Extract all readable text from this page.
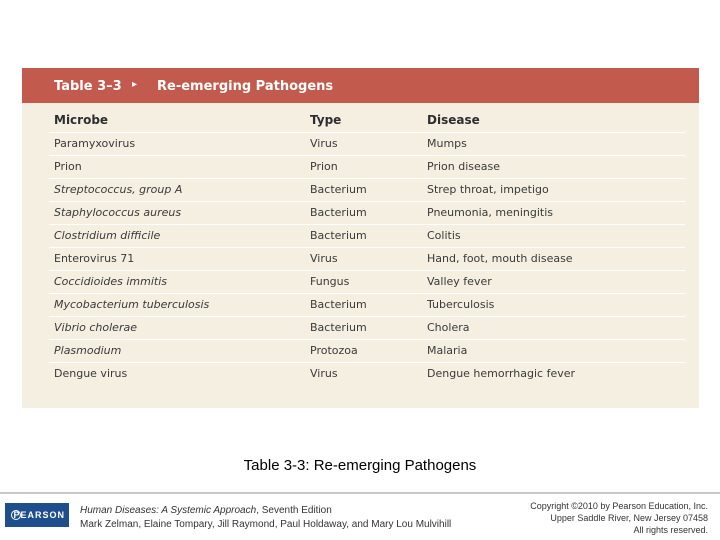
Table 3–3 ▸ Re-emerging Pathogens
Microbe	Type	Disease
Paramyxovirus	Virus	Mumps
Prion	Prion	Prion disease
Streptococcus, group A	Bacterium	Strep throat, impetigo
Staphylococcus aureus	Bacterium	Pneumonia, meningitis
Clostridium difficile	Bacterium	Colitis
Enterovirus 71	Virus	Hand, foot, mouth disease
Coccidioides immitis	Fungus	Valley fever
Mycobacterium tuberculosis	Bacterium	Tuberculosis
Vibrio cholerae	Bacterium	Cholera
Plasmodium	Protozoa	Malaria
Dengue virus	Virus	Dengue hemorrhagic fever
Table 3-3: Re-emerging Pathogens
PEARSON	Human Diseases: A Systemic Approach, Seventh Edition
Mark Zelman, Elaine Tompary, Jill Raymond, Paul Holdaway, and Mary Lou Mulvihill
Copyright ©2010 by Pearson Education, Inc.
Upper Saddle River, New Jersey 07458
All rights reserved.
